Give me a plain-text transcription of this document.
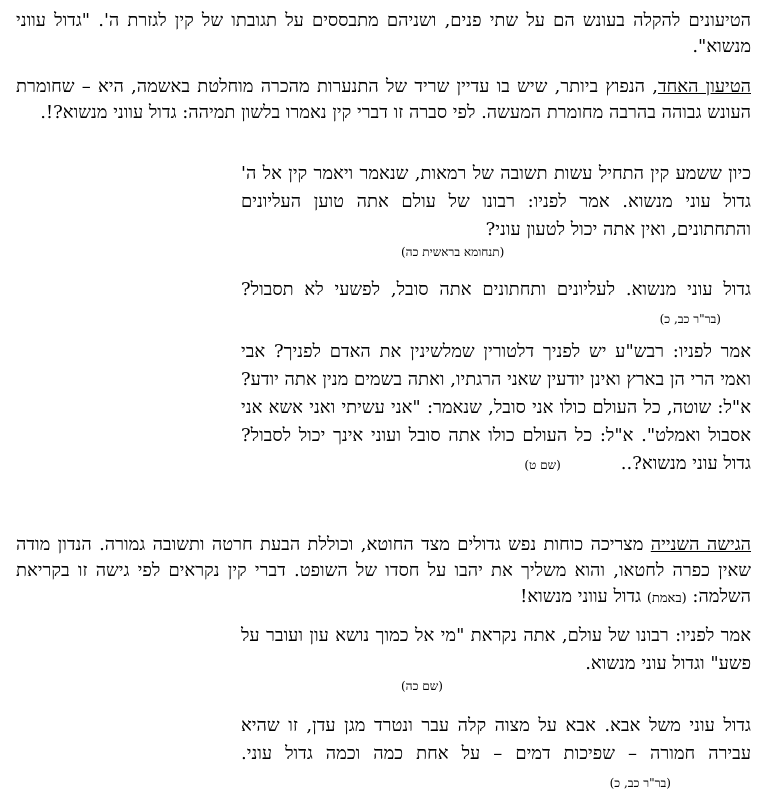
הטיעונים להקלה בעונש הם על שתי פנים, ושניהם מתבססים על תגובתו של קין לגזרת ה'. "גדול עווני מנשוא".

הטיעון האחד, הנפוץ ביותר, שיש בו עדיין שריד של התנערות מהכרה מוחלטת באשמה, היא – שחומרת העונש גבוהה בהרבה מחומרת המעשה. לפי סברה זו דברי קין נאמרו בלשון תמיהה: גדול עווני מנשוא?!.

כיון ששמע קין התחיל עשות תשובה של רמאות, שנאמר ויאמר קין אל ה' גדול עוני מנשוא. אמר לפניו: רבונו של עולם אתה טוען העליונים והתחתונים, ואין אתה יכול לטעון עוני?
(תנחומא בראשית כה)

גדול עוני מנשוא. לעליונים ותחתונים אתה סובל, לפשעי לא תסבול?(בר"ר כב, כ)

אמר לפניו: רבש"ע יש לפניך דלטורין שמלשינין את האדם לפניך? אבי ואמי הרי הן בארץ ואינן יודעין שאני הרגתיו, ואתה בשמים מנין אתה יודע? א"ל: שוטה, כל העולם כולו אני סובל, שנאמר: "אני עשיתי ואני אשא אני אסבול ואמלט". א"ל: כל העולם כולו אתה סובל ועוני אינך יכול לסבול? גדול עוני מנשוא?..(שם ט)

הגישה השנייה מצריכה כוחות נפש גדולים מצד החוטא, וכוללת הבעת חרטה ותשובה גמורה. הנדון מודה שאין כפרה לחטאו, והוא משליך את יהבו על חסדו של השופט. דברי קין נקראים לפי גישה זו בקריאת השלמה: (באמת) גדול עווני מנשוא!

אמר לפניו: רבונו של עולם, אתה נקראת "מי אל כמוך נושא עון ועובר על פשע" וגדול עוני מנשוא.
(שם כה)

גדול עוני משל אבא. אבא על מצוה קלה עבר ונטרד מגן עדן, זו שהיא עבירה חמורה – שפיכות דמים – על אחת כמה וכמה גדול עוני.(בר"ר כב, כ)
